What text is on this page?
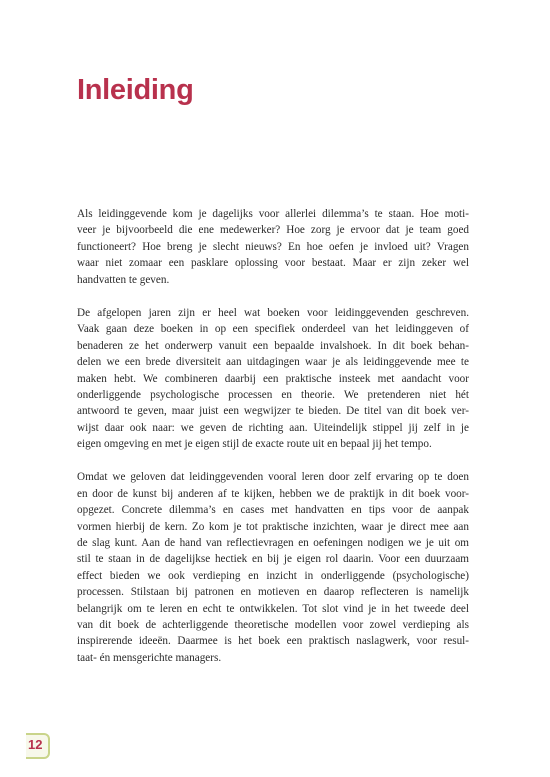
Inleiding

Als leidinggevende kom je dagelijks voor allerlei dilemma’s te staan. Hoe moti-
veer je bijvoorbeeld die ene medewerker? Hoe zorg je ervoor dat je team goed
functioneert? Hoe breng je slecht nieuws? En hoe oefen je invloed uit? Vragen
waar niet zomaar een pasklare oplossing voor bestaat. Maar er zijn zeker wel
handvatten te geven.

De afgelopen jaren zijn er heel wat boeken voor leidinggevenden geschreven.
Vaak gaan deze boeken in op een specifiek onderdeel van het leidinggeven of
benaderen ze het onderwerp vanuit een bepaalde invalshoek. In dit boek behan-
delen we een brede diversiteit aan uitdagingen waar je als leidinggevende mee te
maken hebt. We combineren daarbij een praktische insteek met aandacht voor
onderliggende psychologische processen en theorie. We pretenderen niet hét
antwoord te geven, maar juist een wegwijzer te bieden. De titel van dit boek ver-
wijst daar ook naar: we geven de richting aan. Uiteindelijk stippel jij zelf in je
eigen omgeving en met je eigen stijl de exacte route uit en bepaal jij het tempo.

Omdat we geloven dat leidinggevenden vooral leren door zelf ervaring op te doen
en door de kunst bij anderen af te kijken, hebben we de praktijk in dit boek voor-
opgezet. Concrete dilemma’s en cases met handvatten en tips voor de aanpak
vormen hierbij de kern. Zo kom je tot praktische inzichten, waar je direct mee aan
de slag kunt. Aan de hand van reflectievragen en oefeningen nodigen we je uit om
stil te staan in de dagelijkse hectiek en bij je eigen rol daarin. Voor een duurzaam
effect bieden we ook verdieping en inzicht in onderliggende (psychologische)
processen. Stilstaan bij patronen en motieven en daarop reflecteren is namelijk
belangrijk om te leren en echt te ontwikkelen. Tot slot vind je in het tweede deel
van dit boek de achterliggende theoretische modellen voor zowel verdieping als
inspirerende ideeën. Daarmee is het boek een praktisch naslagwerk, voor resul-
taat- én mensgerichte managers.

12
